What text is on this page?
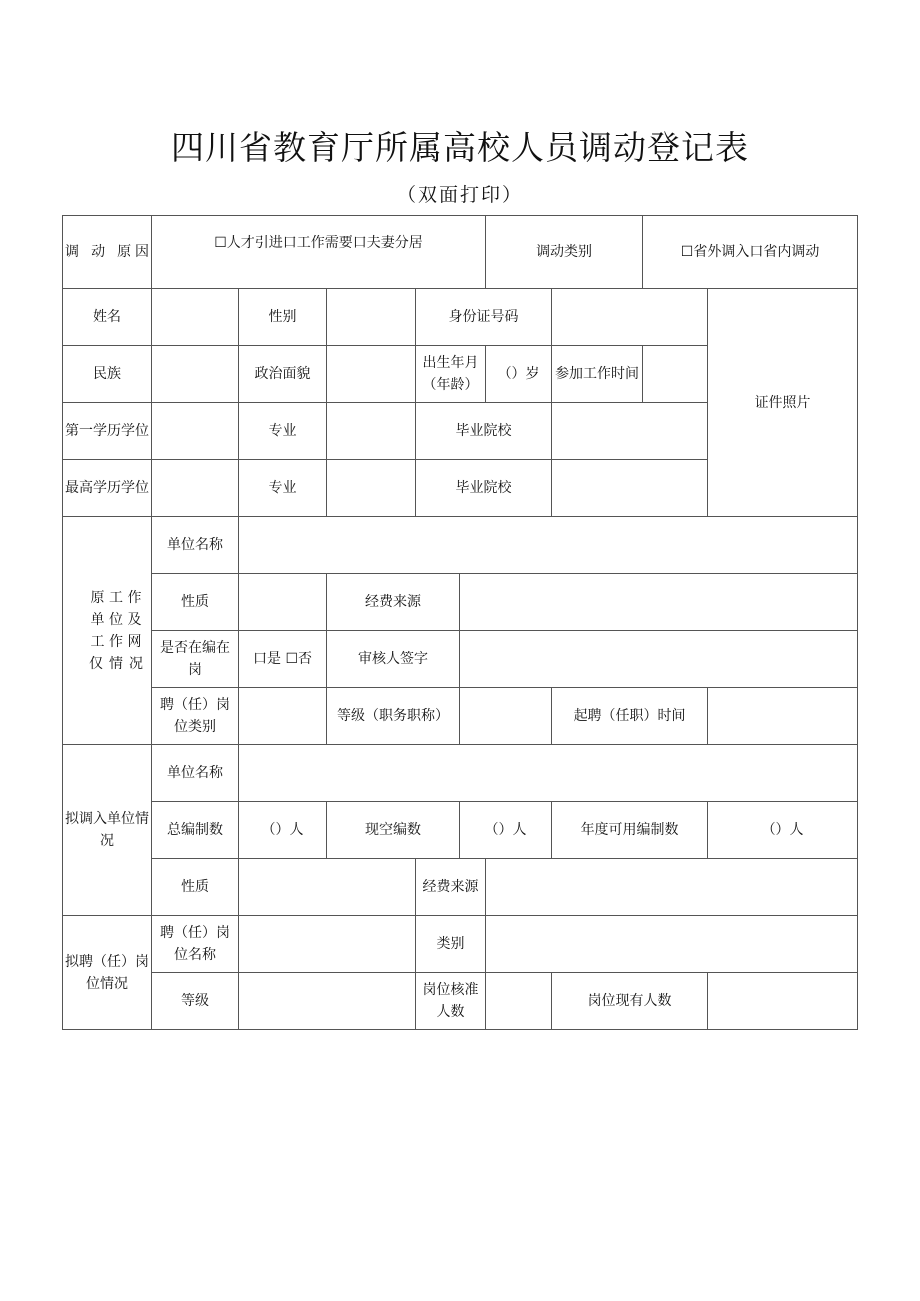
四川省教育厅所属高校人员调动登记表
（双面打印）
调 动 原因	☐人才引进口工作需要口夫妻分居					调动类别		☐省外调入口省内调动	
姓名		性别		身份证号码					证件照片
民族		政治面貌		出生年月（年龄）		（）岁	参加工作时间		
第一学历学位		专业		毕业院校					
最高学历学位		专业		毕业院校					
原 工 作 单 位 及 工 作 网 仅 情 况	单位名称								
	性质		经费来源						
	是否在编在岗	口是 ☐否	审核人签字						
	聘（任）岗位类别		等级（职务职称）				起聘（任职）时间		
拟调入单位情况	单位名称								
	总编制数	（）人	现空编数		（）人		年度可用编制数		（）人
	性质			经费来源					
拟聘（任）岗位情况	聘（任）岗位名称			类别					
	等级			岗位核准人数			岗位现有人数		
